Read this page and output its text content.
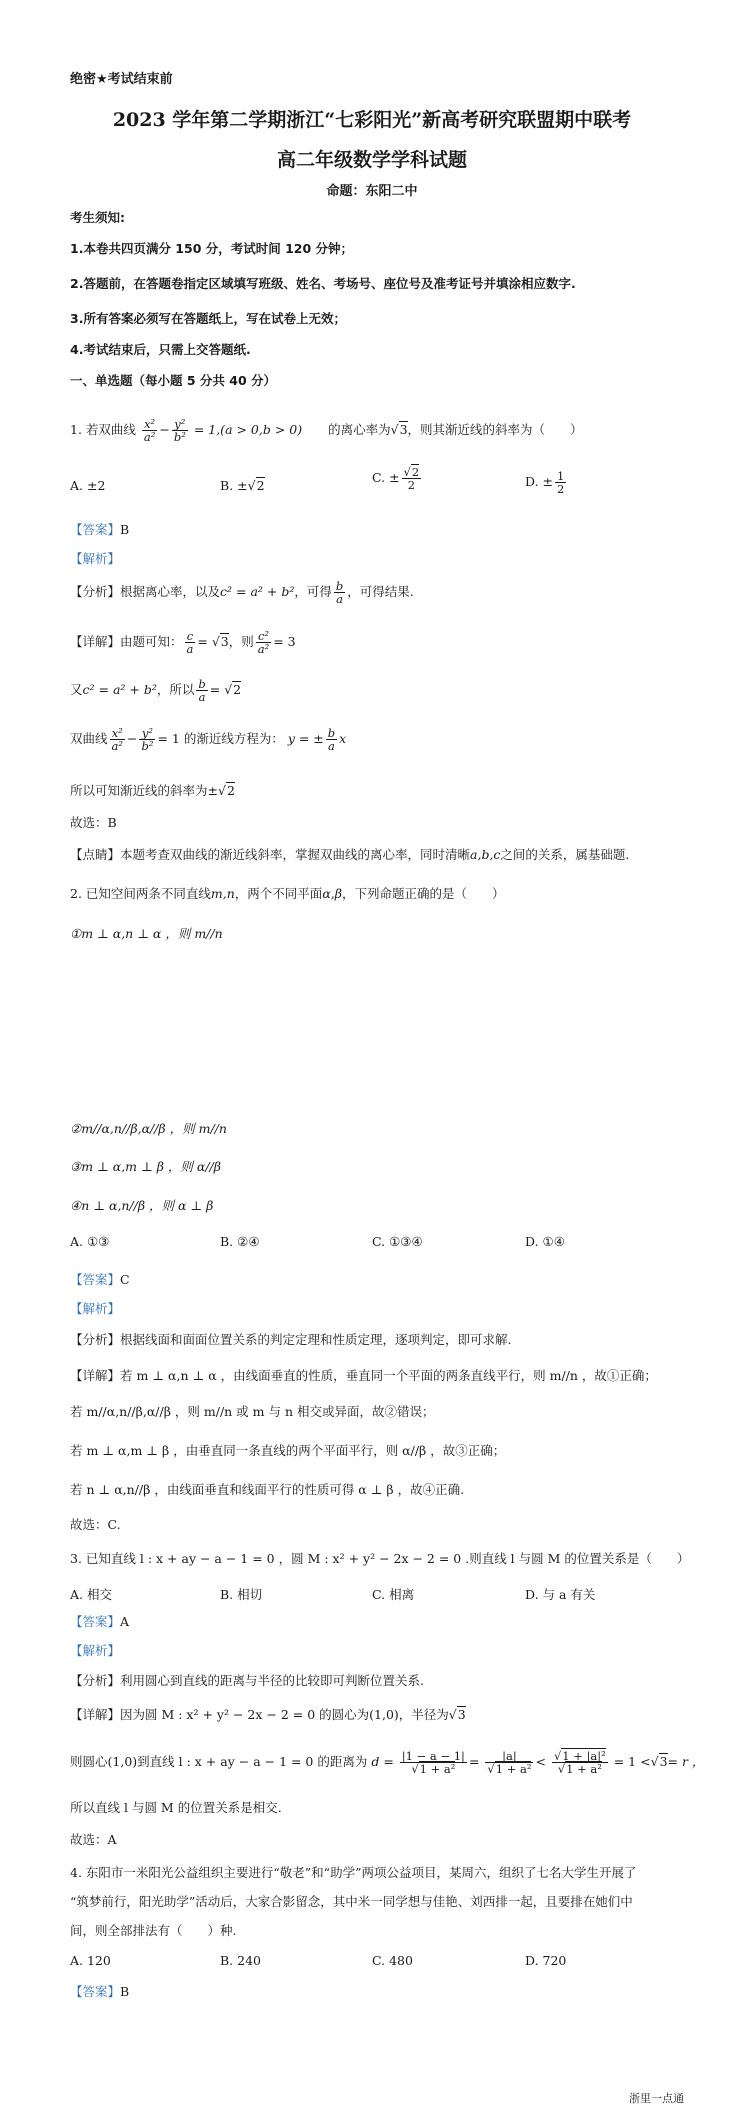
绝密★考试结束前
2023 学年第二学期浙江“七彩阳光”新高考研究联盟期中联考
高二年级数学学科试题
命题：东阳二中
考生须知:
1.本卷共四页满分 150 分，考试时间 120 分钟；
2.答题前，在答题卷指定区域填写班级、姓名、考场号、座位号及准考证号并填涂相应数字.
3.所有答案必须写在答题纸上，写在试卷上无效；
4.考试结束后，只需上交答题纸.
一、单选题（每小题 5 分共 40 分）
1. 若双曲线 $\frac{\text{x²}}{\text{a²}} - \frac{\text{y²}}{\text{b²}} = 1,(a > 0,b > 0)$ 的离心率为√3，则其渐近线的斜率为（　　）
A. ±2	B. ±√2
C. ± $\frac{√2}{2}$	D. ± $\frac{1}{2}$
【答案】B
【解析】
【分析】根据离心率，以及c² = a² + b²，可得 $\frac{b}{a}$ ，可得结果.
【详解】由题可知： $\frac{c}{a} = √3$，则 $\frac{\text{c²}}{\text{a²}} = 3$
又c² = a² + b²，所以 $\frac{b}{a} = √2$
双曲线 $\frac{\text{x²}}{\text{a²}} - \frac{\text{y²}}{\text{b²}} = 1$ 的渐近线方程为： y = ± $\frac{b}{a}$ x
所以可知渐近线的斜率为±√2
故选：B
【点睛】本题考查双曲线的渐近线斜率，掌握双曲线的离心率，同时清晰a,b,c之间的关系，属基础题.
2. 已知空间两条不同直线m,n，两个不同平面α,β，下列命题正确的是（　　）
①m ⊥ α,n ⊥ α ，则 m//n
②m//α,n//β,α//β ，则 m//n
③m ⊥ α,m ⊥ β ，则 α//β
④n ⊥ α,n//β ，则 α ⊥ β
A. ①③	B. ②④	C. ①③④	D. ①④
【答案】C
【解析】
【分析】根据线面和面面位置关系的判定定理和性质定理，逐项判定，即可求解.
【详解】若 m ⊥ α,n ⊥ α ，由线面垂直的性质，垂直同一个平面的两条直线平行，则 m//n ，故①正确；
若 m//α,n//β,α//β ，则 m//n 或 m 与 n 相交或异面，故②错误；
若 m ⊥ α,m ⊥ β ，由垂直同一条直线的两个平面平行，则 α//β ，故③正确；
若 n ⊥ α,n//β ，由线面垂直和线面平行的性质可得 α ⊥ β ，故④正确.
故选：C.
3. 已知直线 l : x + ay − a − 1 = 0 ，圆 M : x² + y² − 2x − 2 = 0 .则直线 l 与圆 M 的位置关系是（　　）
A. 相交	B. 相切	C. 相离	D. 与 a 有关
【答案】A
【解析】
【分析】利用圆心到直线的距离与半径的比较即可判断位置关系.
【详解】因为圆 M : x² + y² − 2x − 2 = 0 的圆心为(1,0)，半径为√3
则圆心(1,0)到直线 l : x + ay − a − 1 = 0 的距离为 $d = \frac{|1 - a - 1|}{\text{√1 + a²}} = \frac{|a|}{\text{√1 + a²}} < \frac{\text{√1 + |a|²}}{\text{√1 + a²}} = 1 <√3= r$ ，
所以直线 l 与圆 M 的位置关系是相交.
故选：A
4. 东阳市一米阳光公益组织主要进行“敬老”和“助学”两项公益项目，某周六，组织了七名大学生开展了
“筑梦前行，阳光助学”活动后，大家合影留念，其中米一同学想与佳艳、刘西排一起，且要排在她们中
间，则全部排法有（　　）种.
A. 120	B. 240	C. 480	D. 720
【答案】B
浙里一点通
